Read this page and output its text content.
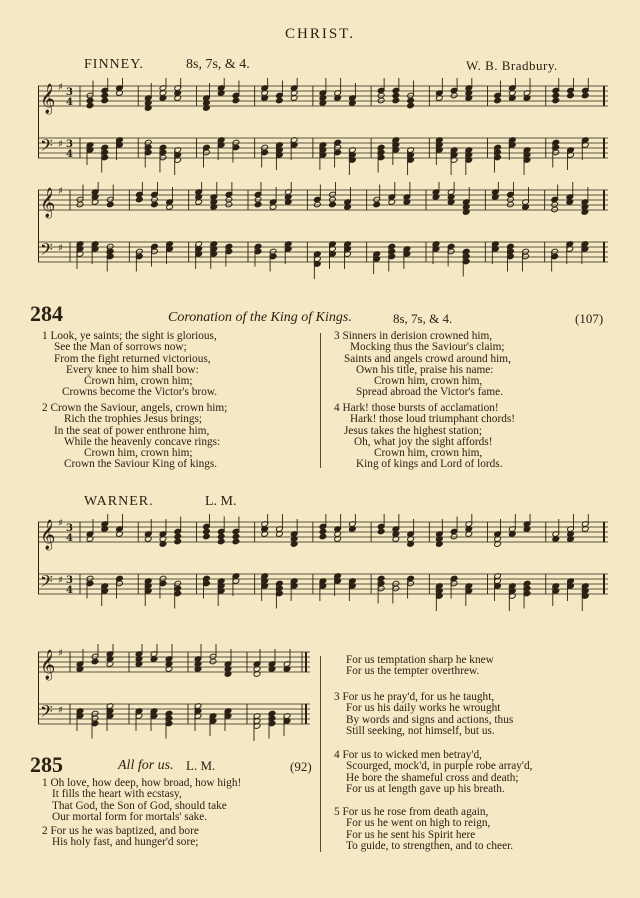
CHRIST.
FINNEY.	8s, 7s, & 4.	W. B. Bradbury.
𝄞 ♯ 3
4
𝄢 ♯ 3
4
𝄞 ♯
𝄢 ♯
284	Coronation of the King of Kings.	8s, 7s, & 4.	(107)
1 Look, ye saints; the sight is glorious,
See the Man of sorrows now;
From the fight returned victorious,
Every knee to him shall bow:
Crown him, crown him;
Crowns become the Victor's brow.
2 Crown the Saviour, angels, crown him;
Rich the trophies Jesus brings;
In the seat of power enthrone him,
While the heavenly concave rings:
Crown him, crown him;
Crown the Saviour King of kings.
3 Sinners in derision crowned him,
Mocking thus the Saviour's claim;
Saints and angels crowd around him,
Own his title, praise his name:
Crown him, crown him,
Spread abroad the Victor's fame.
4 Hark! those bursts of acclamation!
Hark! those loud triumphant chords!
Jesus takes the highest station;
Oh, what joy the sight affords!
Crown him, crown him,
King of kings and Lord of lords.
WARNER.	L. M.
𝄞 ♯ 3
4
𝄢 ♯ 3
4
𝄞 ♯
𝄢 ♯
285	All for us. L. M.	(92)
1 Oh love, how deep, how broad, how high!
It fills the heart with ecstasy,
That God, the Son of God, should take
Our mortal form for mortals' sake.
2 For us he was baptized, and bore
His holy fast, and hunger'd sore;
For us temptation sharp he knew
For us the tempter overthrew.
3 For us he pray'd, for us he taught,
For us his daily works he wrought
By words and signs and actions, thus
Still seeking, not himself, but us.
4 For us to wicked men betray'd,
Scourged, mock'd, in purple robe array'd,
He bore the shameful cross and death;
For us at length gave up his breath.
5 For us he rose from death again,
For us he went on high to reign,
For us he sent his Spirit here
To guide, to strengthen, and to cheer.
